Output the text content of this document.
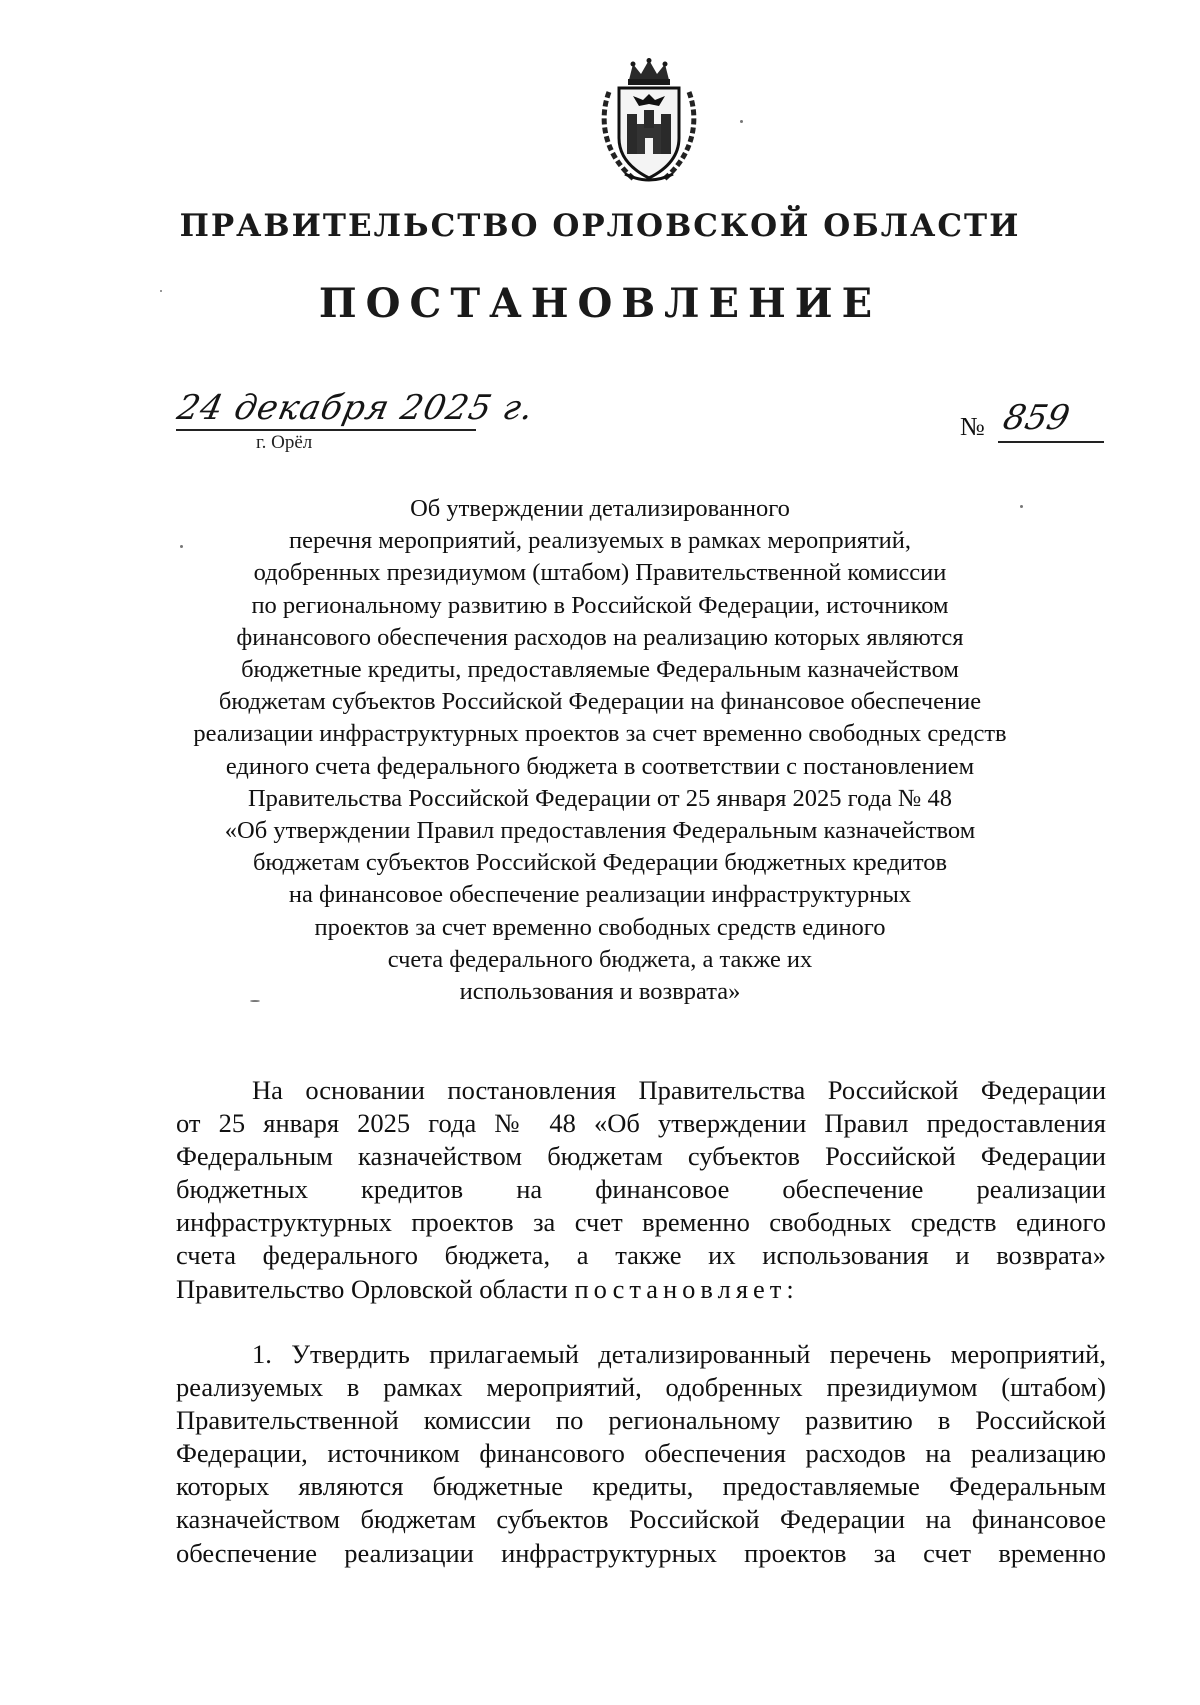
ПРАВИТЕЛЬСТВО ОРЛОВСКОЙ ОБЛАСТИ
ПОСТАНОВЛЕНИЕ
24 декабря 2025 г.
г. Орёл
№ 859
Об утверждении детализированного
перечня мероприятий, реализуемых в рамках мероприятий,
одобренных президиумом (штабом) Правительственной комиссии
по региональному развитию в Российской Федерации, источником
финансового обеспечения расходов на реализацию которых являются
бюджетные кредиты, предоставляемые Федеральным казначейством
бюджетам субъектов Российской Федерации на финансовое обеспечение
реализации инфраструктурных проектов за счет временно свободных средств
единого счета федерального бюджета в соответствии с постановлением
Правительства Российской Федерации от 25 января 2025 года № 48
«Об утверждении Правил предоставления Федеральным казначейством
бюджетам субъектов Российской Федерации бюджетных кредитов
на финансовое обеспечение реализации инфраструктурных
проектов за счет временно свободных средств единого
счета федерального бюджета, а также их
использования и возврата»
На основании постановления Правительства Российской Федерации
от 25 января 2025 года № 48 «Об утверждении Правил предоставления
Федеральным казначейством бюджетам субъектов Российской Федерации
бюджетных кредитов на финансовое обеспечение реализации
инфраструктурных проектов за счет временно свободных средств единого
счета федерального бюджета, а также их использования и возврата»
Правительство Орловской области постановляет:
1. Утвердить прилагаемый детализированный перечень мероприятий,
реализуемых в рамках мероприятий, одобренных президиумом (штабом)
Правительственной комиссии по региональному развитию в Российской
Федерации, источником финансового обеспечения расходов на реализацию
которых являются бюджетные кредиты, предоставляемые Федеральным
казначейством бюджетам субъектов Российской Федерации на финансовое
обеспечение реализации инфраструктурных проектов за счет временно
